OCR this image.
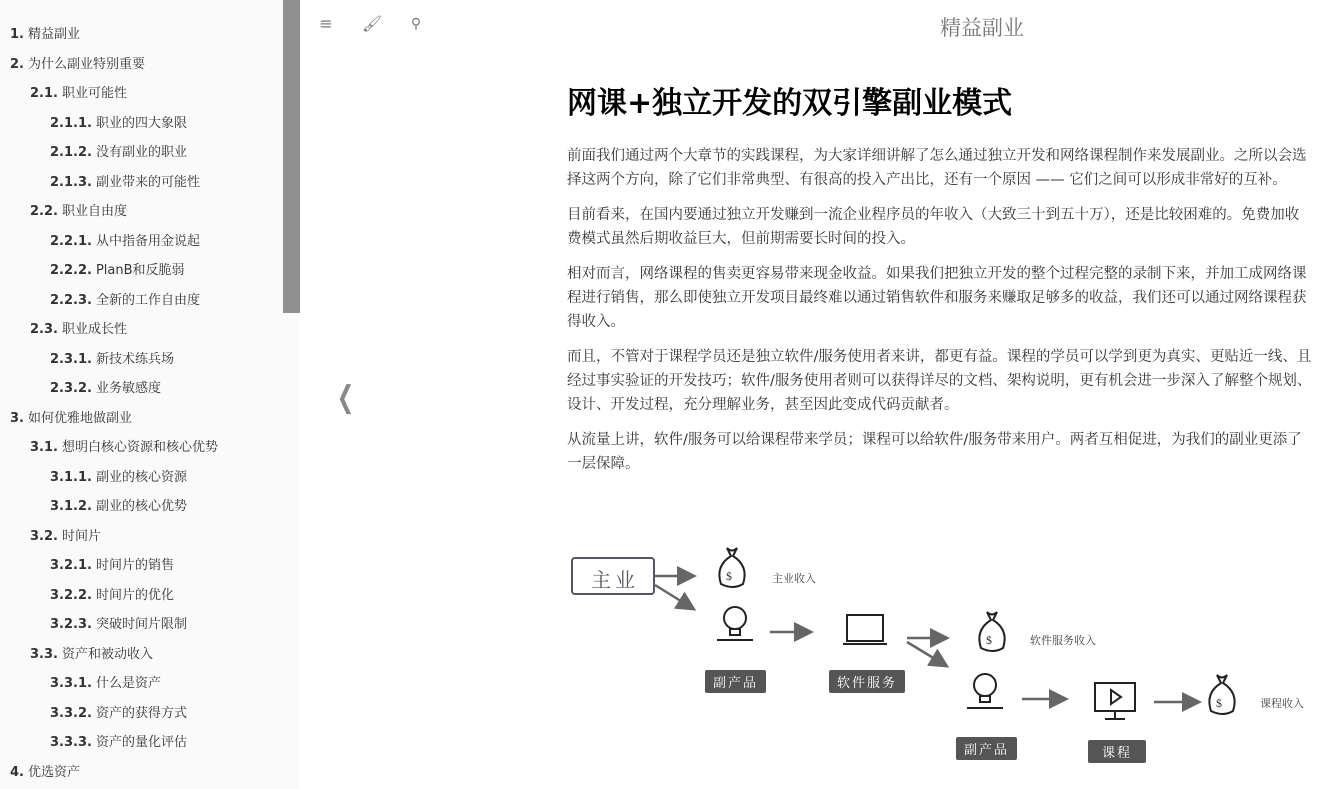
1. 精益副业
2. 为什么副业特别重要
2.1. 职业可能性
2.1.1. 职业的四大象限
2.1.2. 没有副业的职业
2.1.3. 副业带来的可能性
2.2. 职业自由度
2.2.1. 从中指备用金说起
2.2.2. PlanB和反脆弱
2.2.3. 全新的工作自由度
2.3. 职业成长性
2.3.1. 新技术练兵场
2.3.2. 业务敏感度
3. 如何优雅地做副业
3.1. 想明白核心资源和核心优势
3.1.1. 副业的核心资源
3.1.2. 副业的核心优势
3.2. 时间片
3.2.1. 时间片的销售
3.2.2. 时间片的优化
3.2.3. 突破时间片限制
3.3. 资产和被动收入
3.3.1. 什么是资产
3.3.2. 资产的获得方式
3.3.3. 资产的量化评估
4. 优选资产
≡	🖌	⚲	精益副业
❮
网课+独立开发的双引擎副业模式

前面我们通过两个大章节的实践课程，为大家详细讲解了怎么通过独立开发和网络课程制作来发展副业。之所以会选择这两个方向，除了它们非常典型、有很高的投入产出比，还有一个原因 —— 它们之间可以形成非常好的互补。

目前看来，在国内要通过独立开发赚到一流企业程序员的年收入（大致三十到五十万），还是比较困难的。免费加收费模式虽然后期收益巨大，但前期需要长时间的投入。

相对而言，网络课程的售卖更容易带来现金收益。如果我们把独立开发的整个过程完整的录制下来，并加工成网络课程进行销售，那么即使独立开发项目最终难以通过销售软件和服务来赚取足够多的收益，我们还可以通过网络课程获得收入。

而且，不管对于课程学员还是独立软件/服务使用者来讲，都更有益。课程的学员可以学到更为真实、更贴近一线、且经过事实验证的开发技巧；软件/服务使用者则可以获得详尽的文档、架构说明，更有机会进一步深入了解整个规划、设计、开发过程，充分理解业务，甚至因此变成代码贡献者。

从流量上讲，软件/服务可以给课程带来学员；课程可以给软件/服务带来用户。两者互相促进，为我们的副业更添了一层保障。

$
$
$
主业	主业收入
副产品	软件服务
软件服务收入
副产品	课程
课程收入
